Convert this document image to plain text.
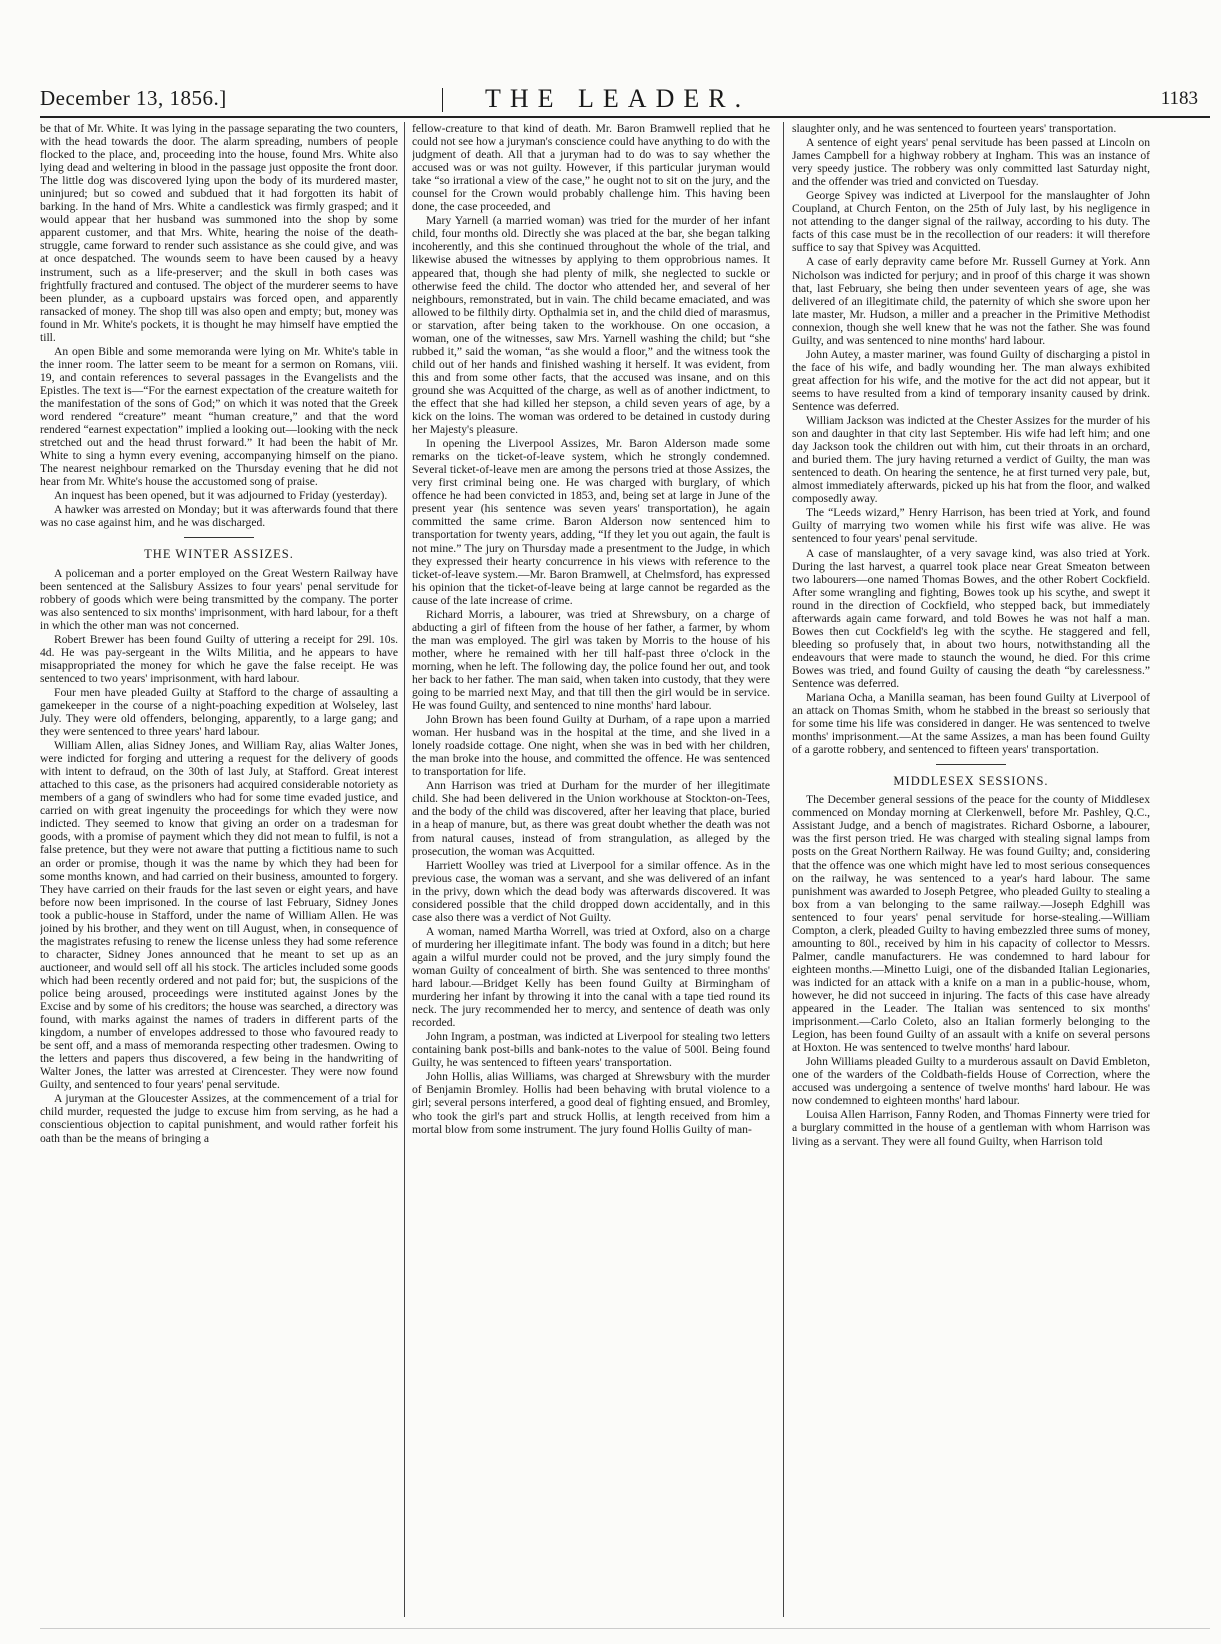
December 13, 1856.]	THE LEADER.	1183

be that of Mr. White. It was lying in the passage separating the two counters, with the head towards the door. The alarm spreading, numbers of people flocked to the place, and, proceeding into the house, found Mrs. White also lying dead and weltering in blood in the passage just opposite the front door. The little dog was discovered lying upon the body of its murdered master, uninjured; but so cowed and subdued that it had forgotten its habit of barking. In the hand of Mrs. White a candlestick was firmly grasped; and it would appear that her husband was summoned into the shop by some apparent customer, and that Mrs. White, hearing the noise of the death-struggle, came forward to render such assistance as she could give, and was at once despatched. The wounds seem to have been caused by a heavy instrument, such as a life-preserver; and the skull in both cases was frightfully fractured and contused. The object of the murderer seems to have been plunder, as a cupboard upstairs was forced open, and apparently ransacked of money. The shop till was also open and empty; but, money was found in Mr. White's pockets, it is thought he may himself have emptied the till.

An open Bible and some memoranda were lying on Mr. White's table in the inner room. The latter seem to be meant for a sermon on Romans, viii. 19, and contain references to several passages in the Evangelists and the Epistles. The text is—“For the earnest expectation of the creature waiteth for the manifestation of the sons of God;” on which it was noted that the Greek word rendered “creature” meant “human creature,” and that the word rendered “earnest expectation” implied a looking out—looking with the neck stretched out and the head thrust forward.” It had been the habit of Mr. White to sing a hymn every evening, accompanying himself on the piano. The nearest neighbour remarked on the Thursday evening that he did not hear from Mr. White's house the accustomed song of praise.

An inquest has been opened, but it was adjourned to Friday (yesterday).

A hawker was arrested on Monday; but it was afterwards found that there was no case against him, and he was discharged.

THE WINTER ASSIZES.

A policeman and a porter employed on the Great Western Railway have been sentenced at the Salisbury Assizes to four years' penal servitude for robbery of goods which were being transmitted by the company. The porter was also sentenced to six months' imprisonment, with hard labour, for a theft in which the other man was not concerned.

Robert Brewer has been found Guilty of uttering a receipt for 29l. 10s. 4d. He was pay-sergeant in the Wilts Militia, and he appears to have misappropriated the money for which he gave the false receipt. He was sentenced to two years' imprisonment, with hard labour.

Four men have pleaded Guilty at Stafford to the charge of assaulting a gamekeeper in the course of a night-poaching expedition at Wolseley, last July. They were old offenders, belonging, apparently, to a large gang; and they were sentenced to three years' hard labour.

William Allen, alias Sidney Jones, and William Ray, alias Walter Jones, were indicted for forging and uttering a request for the delivery of goods with intent to defraud, on the 30th of last July, at Stafford. Great interest attached to this case, as the prisoners had acquired considerable notoriety as members of a gang of swindlers who had for some time evaded justice, and carried on with great ingenuity the proceedings for which they were now indicted. They seemed to know that giving an order on a tradesman for goods, with a promise of payment which they did not mean to fulfil, is not a false pretence, but they were not aware that putting a fictitious name to such an order or promise, though it was the name by which they had been for some months known, and had carried on their business, amounted to forgery. They have carried on their frauds for the last seven or eight years, and have before now been imprisoned. In the course of last February, Sidney Jones took a public-house in Stafford, under the name of William Allen. He was joined by his brother, and they went on till August, when, in consequence of the magistrates refusing to renew the license unless they had some reference to character, Sidney Jones announced that he meant to set up as an auctioneer, and would sell off all his stock. The articles included some goods which had been recently ordered and not paid for; but, the suspicions of the police being aroused, proceedings were instituted against Jones by the Excise and by some of his creditors; the house was searched, a directory was found, with marks against the names of traders in different parts of the kingdom, a number of envelopes addressed to those who favoured ready to be sent off, and a mass of memoranda respecting other tradesmen. Owing to the letters and papers thus discovered, a few being in the handwriting of Walter Jones, the latter was arrested at Cirencester. They were now found Guilty, and sentenced to four years' penal servitude.

A juryman at the Gloucester Assizes, at the commencement of a trial for child murder, requested the judge to excuse him from serving, as he had a conscientious objection to capital punishment, and would rather forfeit his oath than be the means of bringing a

fellow-creature to that kind of death. Mr. Baron Bramwell replied that he could not see how a juryman's conscience could have anything to do with the judgment of death. All that a juryman had to do was to say whether the accused was or was not guilty. However, if this particular juryman would take “so irrational a view of the case,” he ought not to sit on the jury, and the counsel for the Crown would probably challenge him. This having been done, the case proceeded, and

Mary Yarnell (a married woman) was tried for the murder of her infant child, four months old. Directly she was placed at the bar, she began talking incoherently, and this she continued throughout the whole of the trial, and likewise abused the witnesses by applying to them opprobrious names. It appeared that, though she had plenty of milk, she neglected to suckle or otherwise feed the child. The doctor who attended her, and several of her neighbours, remonstrated, but in vain. The child became emaciated, and was allowed to be filthily dirty. Opthalmia set in, and the child died of marasmus, or starvation, after being taken to the workhouse. On one occasion, a woman, one of the witnesses, saw Mrs. Yarnell washing the child; but “she rubbed it,” said the woman, “as she would a floor,” and the witness took the child out of her hands and finished washing it herself. It was evident, from this and from some other facts, that the accused was insane, and on this ground she was Acquitted of the charge, as well as of another indictment, to the effect that she had killed her stepson, a child seven years of age, by a kick on the loins. The woman was ordered to be detained in custody during her Majesty's pleasure.

In opening the Liverpool Assizes, Mr. Baron Alderson made some remarks on the ticket-of-leave system, which he strongly condemned. Several ticket-of-leave men are among the persons tried at those Assizes, the very first criminal being one. He was charged with burglary, of which offence he had been convicted in 1853, and, being set at large in June of the present year (his sentence was seven years' transportation), he again committed the same crime. Baron Alderson now sentenced him to transportation for twenty years, adding, “If they let you out again, the fault is not mine.” The jury on Thursday made a presentment to the Judge, in which they expressed their hearty concurrence in his views with reference to the ticket-of-leave system.—Mr. Baron Bramwell, at Chelmsford, has expressed his opinion that the ticket-of-leave being at large cannot be regarded as the cause of the late increase of crime.

Richard Morris, a labourer, was tried at Shrewsbury, on a charge of abducting a girl of fifteen from the house of her father, a farmer, by whom the man was employed. The girl was taken by Morris to the house of his mother, where he remained with her till half-past three o'clock in the morning, when he left. The following day, the police found her out, and took her back to her father. The man said, when taken into custody, that they were going to be married next May, and that till then the girl would be in service. He was found Guilty, and sentenced to nine months' hard labour.

John Brown has been found Guilty at Durham, of a rape upon a married woman. Her husband was in the hospital at the time, and she lived in a lonely roadside cottage. One night, when she was in bed with her children, the man broke into the house, and committed the offence. He was sentenced to transportation for life.

Ann Harrison was tried at Durham for the murder of her illegitimate child. She had been delivered in the Union workhouse at Stockton-on-Tees, and the body of the child was discovered, after her leaving that place, buried in a heap of manure, but, as there was great doubt whether the death was not from natural causes, instead of from strangulation, as alleged by the prosecution, the woman was Acquitted.

Harriett Woolley was tried at Liverpool for a similar offence. As in the previous case, the woman was a servant, and she was delivered of an infant in the privy, down which the dead body was afterwards discovered. It was considered possible that the child dropped down accidentally, and in this case also there was a verdict of Not Guilty.

A woman, named Martha Worrell, was tried at Oxford, also on a charge of murdering her illegitimate infant. The body was found in a ditch; but here again a wilful murder could not be proved, and the jury simply found the woman Guilty of concealment of birth. She was sentenced to three months' hard labour.—Bridget Kelly has been found Guilty at Birmingham of murdering her infant by throwing it into the canal with a tape tied round its neck. The jury recommended her to mercy, and sentence of death was only recorded.

John Ingram, a postman, was indicted at Liverpool for stealing two letters containing bank post-bills and bank-notes to the value of 500l. Being found Guilty, he was sentenced to fifteen years' transportation.

John Hollis, alias Williams, was charged at Shrewsbury with the murder of Benjamin Bromley. Hollis had been behaving with brutal violence to a girl; several persons interfered, a good deal of fighting ensued, and Bromley, who took the girl's part and struck Hollis, at length received from him a mortal blow from some instrument. The jury found Hollis Guilty of man-

slaughter only, and he was sentenced to fourteen years' transportation.

A sentence of eight years' penal servitude has been passed at Lincoln on James Campbell for a highway robbery at Ingham. This was an instance of very speedy justice. The robbery was only committed last Saturday night, and the offender was tried and convicted on Tuesday.

George Spivey was indicted at Liverpool for the manslaughter of John Coupland, at Church Fenton, on the 25th of July last, by his negligence in not attending to the danger signal of the railway, according to his duty. The facts of this case must be in the recollection of our readers: it will therefore suffice to say that Spivey was Acquitted.

A case of early depravity came before Mr. Russell Gurney at York. Ann Nicholson was indicted for perjury; and in proof of this charge it was shown that, last February, she being then under seventeen years of age, she was delivered of an illegitimate child, the paternity of which she swore upon her late master, Mr. Hudson, a miller and a preacher in the Primitive Methodist connexion, though she well knew that he was not the father. She was found Guilty, and was sentenced to nine months' hard labour.

John Autey, a master mariner, was found Guilty of discharging a pistol in the face of his wife, and badly wounding her. The man always exhibited great affection for his wife, and the motive for the act did not appear, but it seems to have resulted from a kind of temporary insanity caused by drink. Sentence was deferred.

William Jackson was indicted at the Chester Assizes for the murder of his son and daughter in that city last September. His wife had left him; and one day Jackson took the children out with him, cut their throats in an orchard, and buried them. The jury having returned a verdict of Guilty, the man was sentenced to death. On hearing the sentence, he at first turned very pale, but, almost immediately afterwards, picked up his hat from the floor, and walked composedly away.

The “Leeds wizard,” Henry Harrison, has been tried at York, and found Guilty of marrying two women while his first wife was alive. He was sentenced to four years' penal servitude.

A case of manslaughter, of a very savage kind, was also tried at York. During the last harvest, a quarrel took place near Great Smeaton between two labourers—one named Thomas Bowes, and the other Robert Cockfield. After some wrangling and fighting, Bowes took up his scythe, and swept it round in the direction of Cockfield, who stepped back, but immediately afterwards again came forward, and told Bowes he was not half a man. Bowes then cut Cockfield's leg with the scythe. He staggered and fell, bleeding so profusely that, in about two hours, notwithstanding all the endeavours that were made to staunch the wound, he died. For this crime Bowes was tried, and found Guilty of causing the death “by carelessness.” Sentence was deferred.

Mariana Ocha, a Manilla seaman, has been found Guilty at Liverpool of an attack on Thomas Smith, whom he stabbed in the breast so seriously that for some time his life was considered in danger. He was sentenced to twelve months' imprisonment.—At the same Assizes, a man has been found Guilty of a garotte robbery, and sentenced to fifteen years' transportation.

MIDDLESEX SESSIONS.

The December general sessions of the peace for the county of Middlesex commenced on Monday morning at Clerkenwell, before Mr. Pashley, Q.C., Assistant Judge, and a bench of magistrates. Richard Osborne, a labourer, was the first person tried. He was charged with stealing signal lamps from posts on the Great Northern Railway. He was found Guilty; and, considering that the offence was one which might have led to most serious consequences on the railway, he was sentenced to a year's hard labour. The same punishment was awarded to Joseph Petgree, who pleaded Guilty to stealing a box from a van belonging to the same railway.—Joseph Edghill was sentenced to four years' penal servitude for horse-stealing.—William Compton, a clerk, pleaded Guilty to having embezzled three sums of money, amounting to 80l., received by him in his capacity of collector to Messrs. Palmer, candle manufacturers. He was condemned to hard labour for eighteen months.—Minetto Luigi, one of the disbanded Italian Legionaries, was indicted for an attack with a knife on a man in a public-house, whom, however, he did not succeed in injuring. The facts of this case have already appeared in the Leader. The Italian was sentenced to six months' imprisonment.—Carlo Coleto, also an Italian formerly belonging to the Legion, has been found Guilty of an assault with a knife on several persons at Hoxton. He was sentenced to twelve months' hard labour.

John Williams pleaded Guilty to a murderous assault on David Embleton, one of the warders of the Coldbath-fields House of Correction, where the accused was undergoing a sentence of twelve months' hard labour. He was now condemned to eighteen months' hard labour.

Louisa Allen Harrison, Fanny Roden, and Thomas Finnerty were tried for a burglary committed in the house of a gentleman with whom Harrison was living as a servant. They were all found Guilty, when Harrison told
